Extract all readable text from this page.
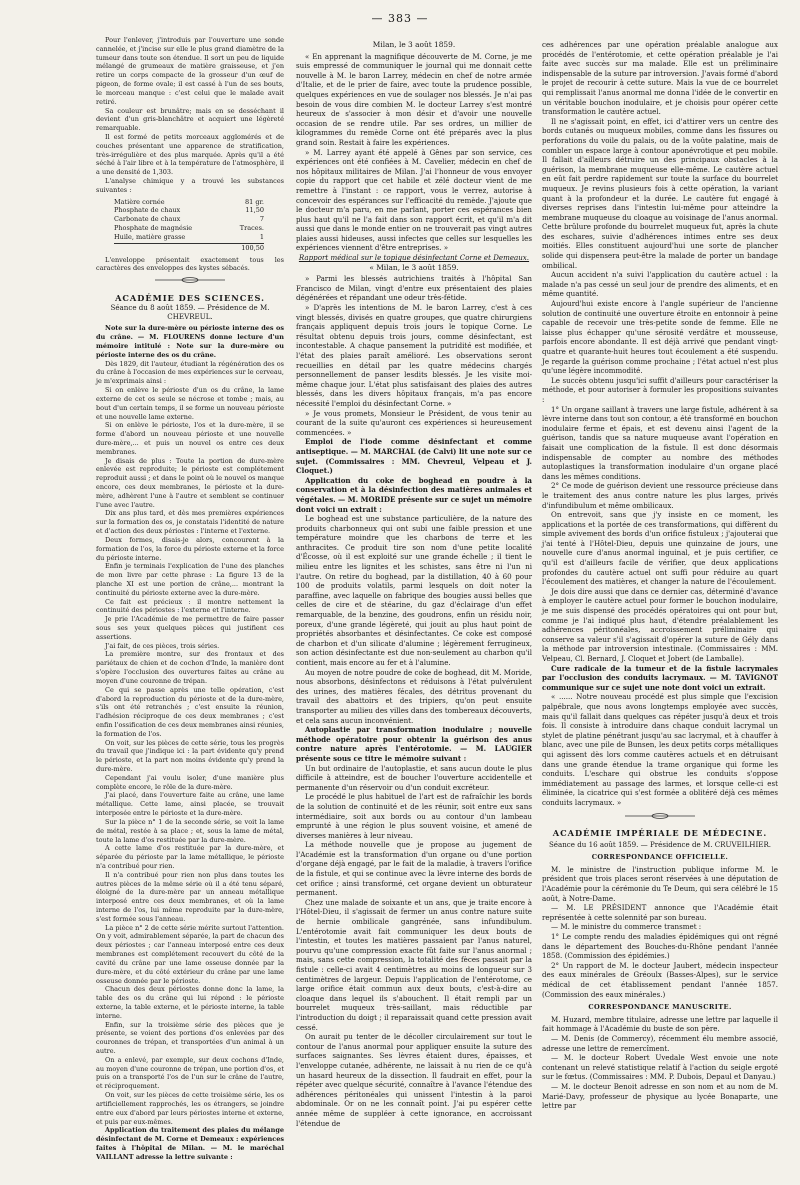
— 383 —

Pour l'enlever, j'introduis par l'ouverture une sonde cannelée, et j'incise sur elle le plus grand diamètre de la tumeur dans toute son étendue. Il sort un peu de liquide mélangé de grumeaux de matière graisseuse, et j'en retire un corps compacte de la grosseur d'un œuf de pigeon, de forme ovale; il est cassé à l'un de ses bouts, le morceau manque : c'est celui que le malade avait retiré.

Sa couleur est brunâtre; mais en se desséchant il devient d'un gris-blanchâtre et acquiert une légèreté remarquable.

Il est formé de petits morceaux agglomérés et de couches présentant une apparence de stratification, très-irrégulière et des plus marquée. Après qu'il a été séché à l'air libre et à la température de l'atmosphère, il a une densité de 1,303.

L'analyse chimique y a trouvé les substances suivantes :

Matière cornée	81 gr.
Phosphate de chaux	11,50
Carbonate de chaux	7
Phosphate de magnésie	Traces.
Huile, matière grasse	1
100,50

L'enveloppe présentait exactement tous les caractères des enveloppes des kystes sébacés.

ACADÉMIE DES SCIENCES.
Séance du 8 août 1859. — Présidence de M. CHEVREUL.

Note sur la dure-mère ou périoste interne des os du crâne. — M. FLOURENS donne lecture d'un mémoire intitulé : Note sur la dure-mère ou périoste interne des os du crâne.

Dès 1829, dit l'auteur, étudiant la régénération des os du crâne à l'occasion de mes expériences sur le cerveau, je m'exprimais ainsi :

Si on enlève le périoste d'un os du crâne, la lame externe de cet os seule se nécrose et tombe ; mais, au bout d'un certain temps, il se forme un nouveau périoste et une nouvelle lame externe.

Si on enlève le périoste, l'os et la dure-mère, il se forme d'abord un nouveau périoste et une nouvelle dure-mère,... et puis un nouvel os entre ces deux membranes.

Je disais de plus : Toute la portion de dure-mère enlevée est reproduite; le périoste est complétement reproduit aussi ; et dans le point où le nouvel os manque encore, ces deux membranes, le périoste et la dure-mère, adhèrent l'une à l'autre et semblent se continuer l'une avec l'autre.

Dix ans plus tard, et dès mes premières expériences sur la formation des os, je constatais l'identité de nature et d'action des deux périostes : l'interne et l'externe.

Deux formes, disais-je alors, concourent à la formation de l'os, la force du périoste externe et la force du périoste interne.

Enfin je terminais l'explication de l'une des planches de mon livre par cette phrase : La figure 13 de la planche XI est une portion de crâne,... montrant la continuité du périoste externe avec la dure-mère.

Ce fait est précieux : il montre nettement la continuité des périostes : l'externe et l'interne.

Je prie l'Académie de me permettre de faire passer sous ses yeux quelques pièces qui justifient ces assertions.

J'ai fait, de ces pièces, trois séries.

La première montre, sur des frontaux et des pariétaux de chien et de cochon d'Inde, la manière dont s'opère l'occlusion des ouvertures faites au crâne au moyen d'une couronne de trépan.

Ce qui se passe après une telle opération, c'est d'abord la reproduction du périoste et de la dure-mère, s'ils ont été retranchés ; c'est ensuite la réunion, l'adhésion réciproque de ces deux membranes ; c'est enfin l'ossification de ces deux membranes ainsi réunies, la formation de l'os.

On voit, sur les pièces de cette série, tous les progrès du travail que j'indique ici : la part évidente qu'y prend le périoste, et la part non moins évidente qu'y prend la dure-mère.

Cependant j'ai voulu isoler, d'une manière plus complète encore, le rôle de la dure-mère.

J'ai placé, dans l'ouverture faite au crâne, une lame métallique. Cette lame, ainsi placée, se trouvait interposée entre le périoste et la dure-mère.

Sur la pièce n° 1 de la seconde série, se voit la lame de métal, restée à sa place ; et, sous la lame de métal, toute la lame d'os restituée par la dure-mère.

A cette lame d'os restituée par la dure-mère, et séparée du périoste par la lame métallique, le périoste n'a contribué pour rien.

Il n'a contribué pour rien non plus dans toutes les autres pièces de la même série où il a été tenu séparé, éloigné de la dure-mère par un anneau métallique interposé entre ces deux membranes, et où la lame interne de l'os, lui même reproduite par la dure-mère, s'est formée sous l'anneau.

La pièce n° 2 de cette série mérite surtout l'attention. On y voit, admirablement séparée, la part de chacun des deux périostes ; car l'anneau interposé entre ces deux membranes est complétement recouvert du côté de la cavité du crâne par une lame osseuse donnée par la dure-mère, et du côté extérieur du crâne par une lame osseuse donnée par le périoste.

Chacun des deux périostes donne donc la lame, la table des os du crâne qui lui répond : le périoste externe, la table externe, et le périoste interne, la table interne.

Enfin, sur la troisième série des pièces que je présente, se voient des portions d'os enlevées par des couronnes de trépan, et transportées d'un animal à un autre.

On a enlevé, par exemple, sur deux cochons d'Inde, au moyen d'une couronne de trépan, une portion d'os, et puis on a transporté l'os de l'un sur le crâne de l'autre, et réciproquement.

On voit, sur les pièces de cette troisième série, les os artificiellement rapprochés, les os étrangers, se joindre entre eux d'abord par leurs périostes interne et externe, et puis par eux-mêmes.

Application du traitement des plaies du mélange désinfectant de M. Corne et Demeaux : expériences faites à l'hôpital de Milan. — M. le maréchal VAILLANT adresse la lettre suivante :

Milan, le 3 août 1859.

« En apprenant la magnifique découverte de M. Corne, je me suis empressé de communiquer le journal qui me donnait cette nouvelle à M. le baron Larrey, médecin en chef de notre armée d'Italie, et de le prier de faire, avec toute la prudence possible, quelques expériences en vue de soulager nos blessés. Je n'ai pas besoin de vous dire combien M. le docteur Larrey s'est montré heureux de s'associer à mon désir et d'avoir une nouvelle occasion de se rendre utile. Par ses ordres, un millier de kilogrammes du remède Corne ont été préparés avec la plus grand soin. Restait à faire les expériences.

» M. Larrey ayant été appelé à Gênes par son service, ces expériences ont été confiées à M. Cavelier, médecin en chef de nos hôpitaux militaires de Milan. J'ai l'honneur de vous envoyer copie du rapport que cet habile et zélé docteur vient de me remettre à l'instant : ce rapport, vous le verrez, autorise à concevoir des espérances sur l'efficacité du remède. J'ajoute que le docteur m'a paru, en me parlant, porter ces espérances bien plus haut qu'il ne l'a fait dans son rapport écrit, et qu'il m'a dit aussi que dans le monde entier on ne trouverait pas vingt autres plaies aussi hideuses, aussi infectes que celles sur lesquelles les expériences viennent d'être entreprises. »

Rapport médical sur le topique désinfectant Corne et Demeaux.
« Milan, le 3 août 1859.

» Parmi les blessés autrichiens traités à l'hôpital San Francisco de Milan, vingt d'entre eux présentaient des plaies dégénérées et répandant une odeur très-fétide.

» D'après les intentions de M. le baron Larrey, c'est à ces vingt blessés, divisés en quatre groupes, que quatre chirurgiens français appliquent depuis trois jours le topique Corne. Le résultat obtenu depuis trois jours, comme désinfectant, est incontestable. A chaque pansement la putridité est modifiée, et l'état des plaies paraît amélioré. Les observations seront recueillies en détail par les quatre médecins chargés personnellement de panser lesdits blessés. Je les visite moi-même chaque jour. L'état plus satisfaisant des plaies des autres blessés, dans les divers hôpitaux français, m'a pas encore nécessité l'emploi du désinfectant Corne. »

» Je vous promets, Monsieur le Président, de vous tenir au courant de la suite qu'auront ces expériences si heureusement commencées. »

Emploi de l'iode comme désinfectant et comme antiseptique. — M. MARCHAL (de Calvi) lit une note sur ce sujet. (Commissaires : MM. Chevreul, Velpeau et J. Cloquet.)

Application du coke de boghead en poudre à la conservation et à la désinfection des matières animales et végétales. — M. MORIDE présente sur ce sujet un mémoire dont voici un extrait :

Le boghead est une substance particulière, de la nature des produits charbonneux qui ont subi une faible pression et une température moindre que les charbons de terre et les anthracites. Ce produit tire son nom d'une petite localité d'Écosse, où il est exploité sur une grande échelle ; il tient le milieu entre les lignites et les schistes, sans être ni l'un ni l'autre. On retire du boghead, par la distillation, 40 à 60 pour 100 de produits volatils, parmi lesquels on doit noter la paraffine, avec laquelle on fabrique des bougies aussi belles que celles de cire et de stéarine, du gaz d'éclairage d'un effet remarquable, de la benzine, des goudrons, enfin un résidu noir, poreux, d'une grande légèreté, qui jouit au plus haut point de propriétés absorbantes et désinfectantes. Ce coke est composé de charbon et d'un silicate d'alumine ; légèrement ferrugineux, son action désinfectante est due non-seulement au charbon qu'il contient, mais encore au fer et à l'alumine.

Au moyen de notre poudre de coke de boghead, dit M. Moride, nous absorbons, désinfectons et réduisons à l'état pulvérulent des urines, des matières fécales, des détritus provenant du travail des abattoirs et des tripiers, qu'on peut ensuite transporter au milieu des villes dans des tombereaux découverts, et cela sans aucun inconvénient.

Autoplastie par transformation inodulaire ; nouvelle méthode opératoire pour obtenir la guérison des anus contre nature après l'entérotomie. — M. LAUGIER présente sous ce titre le mémoire suivant :

Un but ordinaire de l'autoplastie, et sans aucun doute le plus difficile à atteindre, est de boucher l'ouverture accidentelle et permanente d'un réservoir ou d'un conduit excréteur.

Le procédé le plus habituel de l'art est de rafraîchir les bords de la solution de continuité et de les réunir, soit entre eux sans intermédiaire, soit aux bords ou au contour d'un lambeau emprunté à une région le plus souvent voisine, et amené de diverses manières à leur niveau.

La méthode nouvelle que je propose au jugement de l'Académie est la transformation d'un organe ou d'une portion d'organe déjà engagé, par le fait de la maladie, à travers l'orifice de la fistule, et qui se continue avec la lèvre interne des bords de cet orifice ; ainsi transformé, cet organe devient un obturateur permanent.

Chez une malade de soixante et un ans, que je traite encore à l'Hôtel-Dieu, il s'agissait de fermer un anus contre nature suite de hernie ombilicale gangrénée, sans infundibulum. L'entérotomie avait fait communiquer les deux bouts de l'intestin, et toutes les matières passaient par l'anus naturel, pourvu qu'une compression exacte fût faite sur l'anus anormal ; mais, sans cette compression, la totalité des fèces passait par la fistule : celle-ci avait 4 centimètres au moins de longueur sur 3 centimètres de largeur. Depuis l'application de l'entérotome, ce large orifice était commun aux deux bouts, c'est-à-dire au cloaque dans lequel ils s'abouchent. Il était rempli par un bourrelet muqueux très-saillant, mais réductible par l'introduction du doigt ; il reparaissait quand cette pression avait cessé.

On aurait pu tenter de le décoller circulairement sur tout le contour de l'anus anormal pour appliquer ensuite la suture des surfaces saignantes. Ses lèvres étaient dures, épaisses, et l'enveloppe cutanée, adhérente, ne laissait à nu rien de ce qu'à un hasard heureux de la dissection. Il faudrait en effet, pour la répéter avec quelque sécurité, connaître à l'avance l'étendue des adhérences péritonéales qui unissent l'intestin à la paroi abdominale. Or on ne les connaît point. J'ai pu espérer cette année même de suppléer à cette ignorance, en accroissant l'étendue de

ces adhérences par une opération préalable analogue aux procédés de l'entérotomie, et cette opération préalable je l'ai faite avec succès sur ma malade. Elle est un préliminaire indispensable de la suture par introversion. J'avais formé d'abord le projet de recourir à cette suture. Mais la vue de ce bourrelet qui remplissait l'anus anormal me donna l'idée de le convertir en un véritable bouchon inodulaire, et je choisis pour opérer cette transformation le cautère actuel.

Il ne s'agissait point, en effet, ici d'attirer vers un centre des bords cutanés ou muqueux mobiles, comme dans les fissures ou perforations du voile du palais, ou de la voûte palatine, mais de combler un espace large à contour aponévrotique et peu mobile. Il fallait d'ailleurs détruire un des principaux obstacles à la guérison, la membrane muqueuse elle-même. Le cautère actuel en eût fait perdre rapidement sur toute la surface du bourrelet muqueux. Je revins plusieurs fois à cette opération, la variant quant à la profondeur et la durée. Le cautère fut engagé à diverses reprises dans l'intestin lui-même pour atteindre la membrane muqueuse du cloaque au voisinage de l'anus anormal. Cette brûlure profonde du bourrelet muqueux fut, après la chute des eschares, suivie d'adhérences intimes entre ses deux moitiés. Elles constituent aujourd'hui une sorte de plancher solide qui dispensera peut-être la malade de porter un bandage ombilical.

Aucun accident n'a suivi l'application du cautère actuel : la malade n'a pas cessé un seul jour de prendre des aliments, et en même quantité.

Aujourd'hui existe encore à l'angle supérieur de l'ancienne solution de continuité une ouverture étroite en entonnoir à peine capable de recevoir une très-petite sonde de femme. Elle ne laisse plus échapper qu'une sérosité verdâtre et mousseuse, parfois encore abondante. Il est déjà arrivé que pendant vingt-quatre et quarante-huit heures tout écoulement a été suspendu. Je regarde la guérison comme prochaine ; l'état actuel n'est plus qu'une légère incommodité.

Le succès obtenu jusqu'ici suffit d'ailleurs pour caractériser la méthode, et pour autoriser à formuler les propositions suivantes :

1° Un organe saillant à travers une large fistule, adhérent à sa lèvre interne dans tout son contour, a été transformé en bouchon inodulaire ferme et épais, et est devenu ainsi l'agent de la guérison, tandis que sa nature muqueuse avant l'opération en faisait une complication de la fistule. Il est donc désormais indispensable de compter au nombre des méthodes autoplastiques la transformation inodulaire d'un organe placé dans les mêmes conditions.

2° Ce mode de guérison devient une ressource précieuse dans le traitement des anus contre nature les plus larges, privés d'infundibulum et même ombilicaux.

On entrevoit, sans que j'y insiste en ce moment, les applications et la portée de ces transformations, qui diffèrent du simple avivement des bords d'un orifice fistuleux ; j'ajouterai que j'ai tenté à l'Hôtel-Dieu, depuis une quinzaine de jours, une nouvelle cure d'anus anormal inguinal, et je puis certifier, ce qu'il est d'ailleurs facile de vérifier, que deux applications profondes du cautère actuel ont suffi pour réduire au quart l'écoulement des matières, et changer la nature de l'écoulement.

Je dois dire aussi que dans ce dernier cas, déterminé d'avance à employer le cautère actuel pour former le bouchon inodulaire, je me suis dispensé des procédés opératoires qui ont pour but, comme je l'ai indiqué plus haut, d'étendre préalablement les adhérences péritonéales, accroissement préliminaire qui conserve sa valeur s'il s'agissait d'opérer la suture de Gély dans la méthode par introversion intestinale. (Commissaires : MM. Velpeau, Cl. Bernard, J. Cloquet et Jobert (de Lamballe).

Cure radicale de la tumeur et de la fistule lacrymales par l'occlusion des conduits lacrymaux. — M. TAVIGNOT communique sur ce sujet une note dont voici un extrait.

« ...... Notre nouveau procédé est plus simple que l'excision palpébrale, que nous avons longtemps employée avec succès, mais qu'il fallait dans quelques cas répéter jusqu'à deux et trois fois. Il consiste à introduire dans chaque conduit lacrymal un stylet de platine pénétrant jusqu'au sac lacrymal, et à chauffer à blanc, avec une pile de Bunsen, les deux petits corps métalliques qui agissent dès lors comme cautères actuels et en détruisant dans une grande étendue la trame organique qui forme les conduits. L'eschare qui obstrue les conduits s'oppose immédiatement au passage des larmes, et lorsque celle-ci est éliminée, la cicatrice qui s'est formée a oblitéré déjà ces mêmes conduits lacrymaux. »

ACADÉMIE IMPÉRIALE DE MÉDECINE.
Séance du 16 août 1859. — Présidence de M. CRUVEILHIER.
CORRESPONDANCE OFFICIELLE.

M. le ministre de l'instruction publique informe M. le président que trois places seront réservées à une députation de l'Académie pour la cérémonie du Te Deum, qui sera célébré le 15 août, à Notre-Dame.

— M. LE PRÉSIDENT annonce que l'Académie était représentée à cette solennité par son bureau.

— M. le ministre du commerce transmet :

1° Le compte rendu des maladies épidémiques qui ont régné dans le département des Bouches-du-Rhône pendant l'année 1858. (Commission des épidémies.)

2° Un rapport de M. le docteur Jaubert, médecin inspecteur des eaux minérales de Gréoulx (Basses-Alpes), sur le service médical de cet établissement pendant l'année 1857. (Commission des eaux minérales.)

CORRESPONDANCE MANUSCRITE.

M. Huzard, membre titulaire, adresse une lettre par laquelle il fait hommage à l'Académie du buste de son père.

— M. Denis (de Commercy), récemment élu membre associé, adresse une lettre de remercîment.

— M. le docteur Robert Uvedale West envoie une note contenant un relevé statistique relatif à l'action du seigle ergoté sur le fœtus. (Commissaires : MM. P. Dubois, Depaul et Danyau.)

— M. le docteur Benoit adresse en son nom et au nom de M. Marié-Davy, professeur de physique au lycée Bonaparte, une lettre par
